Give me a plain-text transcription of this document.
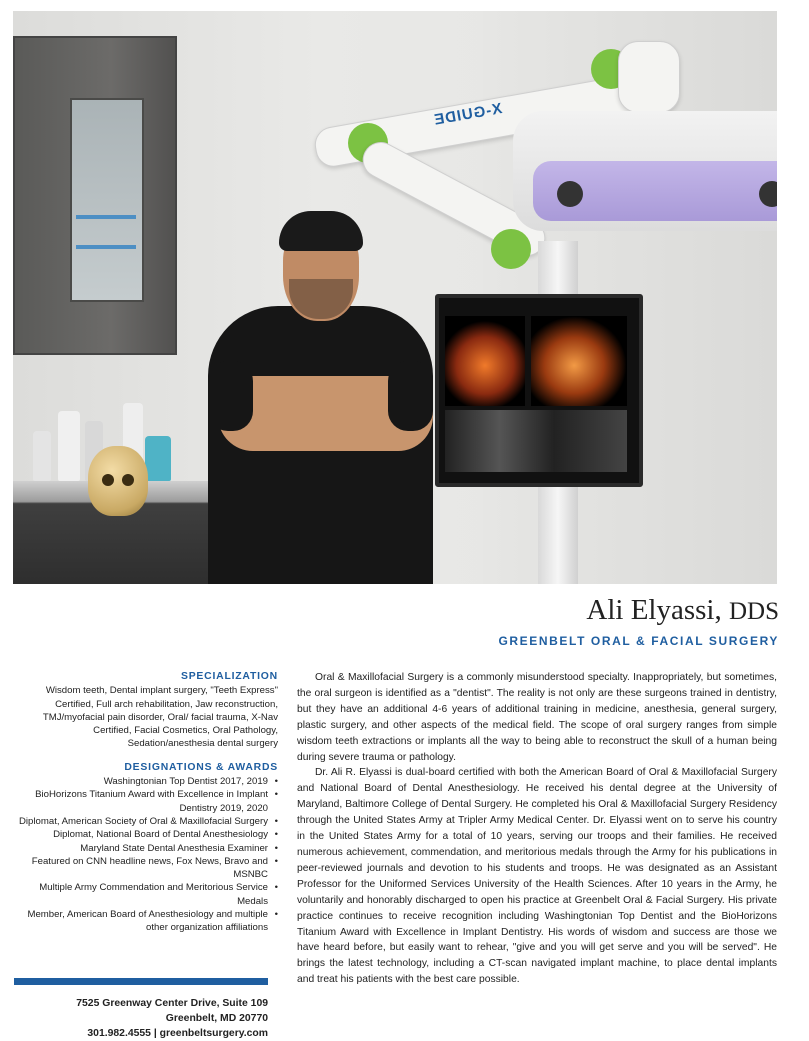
X-GUIDE
Ali Elyassi, DDS
GREENBELT ORAL & FACIAL SURGERY
SPECIALIZATION
Wisdom teeth, Dental implant surgery, "Teeth Express" Certified, Full arch rehabilitation, Jaw reconstruction, TMJ/myofacial pain disorder, Oral/ facial trauma, X-Nav Certified, Facial Cosmetics, Oral Pathology, Sedation/anesthesia dental surgery
DESIGNATIONS & AWARDS
Washingtonian Top Dentist 2017, 2019 •
BioHorizons Titanium Award with Excellence in Implant Dentistry 2019, 2020 •
Diplomat, American Society of Oral & Maxillofacial Surgery •
Diplomat, National Board of Dental Anesthesiology •
Maryland State Dental Anesthesia Examiner •
Featured on CNN headline news, Fox News, Bravo and MSNBC •
Multiple Army Commendation and Meritorious Service Medals •
Member, American Board of Anesthesiology and multiple other organization affiliations •
7525 Greenway Center Drive, Suite 109
Greenbelt, MD 20770
301.982.4555 | greenbeltsurgery.com

Oral & Maxillofacial Surgery is a commonly misunderstood specialty. Inappropriately, but sometimes, the oral surgeon is identified as a "dentist". The reality is not only are these surgeons trained in dentistry, but they have an additional 4-6 years of additional training in medicine, anesthesia, general surgery, plastic surgery, and other aspects of the medical field. The scope of oral surgery ranges from simple wisdom teeth extractions or implants all the way to being able to reconstruct the skull of a human being during severe trauma or pathology.

Dr. Ali R. Elyassi is dual-board certified with both the American Board of Oral & Maxillofacial Surgery and National Board of Dental Anesthesiology. He received his dental degree at the University of Maryland, Baltimore College of Dental Surgery. He completed his Oral & Maxillofacial Surgery Residency through the United States Army at Tripler Army Medical Center. Dr. Elyassi went on to serve his country in the United States Army for a total of 10 years, serving our troops and their families. He received numerous achievement, commendation, and meritorious medals through the Army for his publications in peer-reviewed journals and devotion to his students and troops. He was designated as an Assistant Professor for the Uniformed Services University of the Health Sciences. After 10 years in the Army, he voluntarily and honorably discharged to open his practice at Greenbelt Oral & Facial Surgery. His private practice continues to receive recognition including Washingtonian Top Dentist and the BioHorizons Titanium Award with Excellence in Implant Dentistry. His words of wisdom and success are those we have heard before, but easily want to rehear, "give and you will get serve and you will be served". He brings the latest technology, including a CT-scan navigated implant machine, to place dental implants and treat his patients with the best care possible.
